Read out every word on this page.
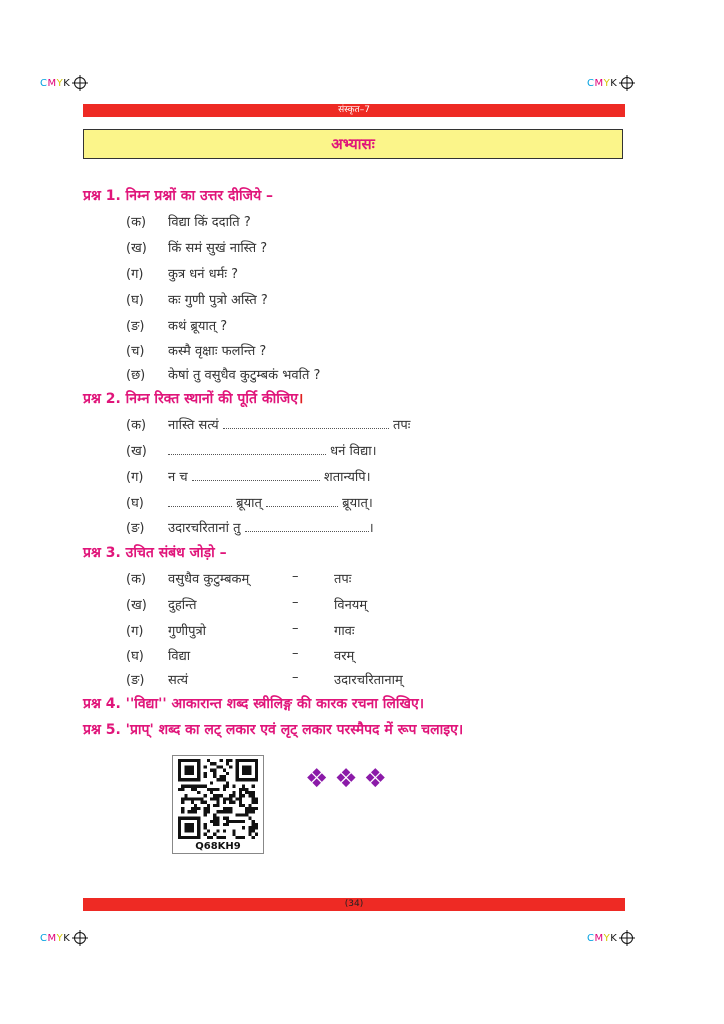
C M Y K	C M Y K
C M Y K	C M Y K
संस्कृत–7
अभ्यासः
प्रश्न 1. निम्न प्रश्नों का उत्तर दीजिये –
(क)	विद्या किं ददाति ?
(ख)	किं समं सुखं नास्ति ?
(ग)	कुत्र धनं धर्मः ?
(घ)	कः गुणी पुत्रो अस्ति ?
(ङ)	कथं ब्रूयात् ?
(च)	कस्मै वृक्षाः फलन्ति ?
(छ)	केषां तु वसुधैव कुटुम्बकं भवति ?
प्रश्न 2. निम्न रिक्त स्थानों की पूर्ति कीजिए।
(क)	नास्ति सत्यं	तपः
(ख)	धनं विद्या।
(ग)	न च	शतान्यपि।
(घ)	ब्रूयात्	ब्रूयात्।
(ङ)	उदारचरितानां तु	।
प्रश्न 3. उचित संबंध जोड़ो –
(क)	वसुधैव कुटुम्बकम्	–	तपः
(ख)	दुहन्ति	–	विनयम्
(ग)	गुणीपुत्रो	–	गावः
(घ)	विद्या	–	वरम्
(ङ)	सत्यं	–	उदारचरितानाम्
प्रश्न 4. ''विद्या'' आकारान्त शब्द स्त्रीलिङ्ग की कारक रचना लिखिए।
प्रश्न 5. 'प्राप्' शब्द का लट् लकार एवं लृट् लकार परस्मैपद में रूप चलाइए।
Q68KH9
❖ ❖ ❖
(34)
